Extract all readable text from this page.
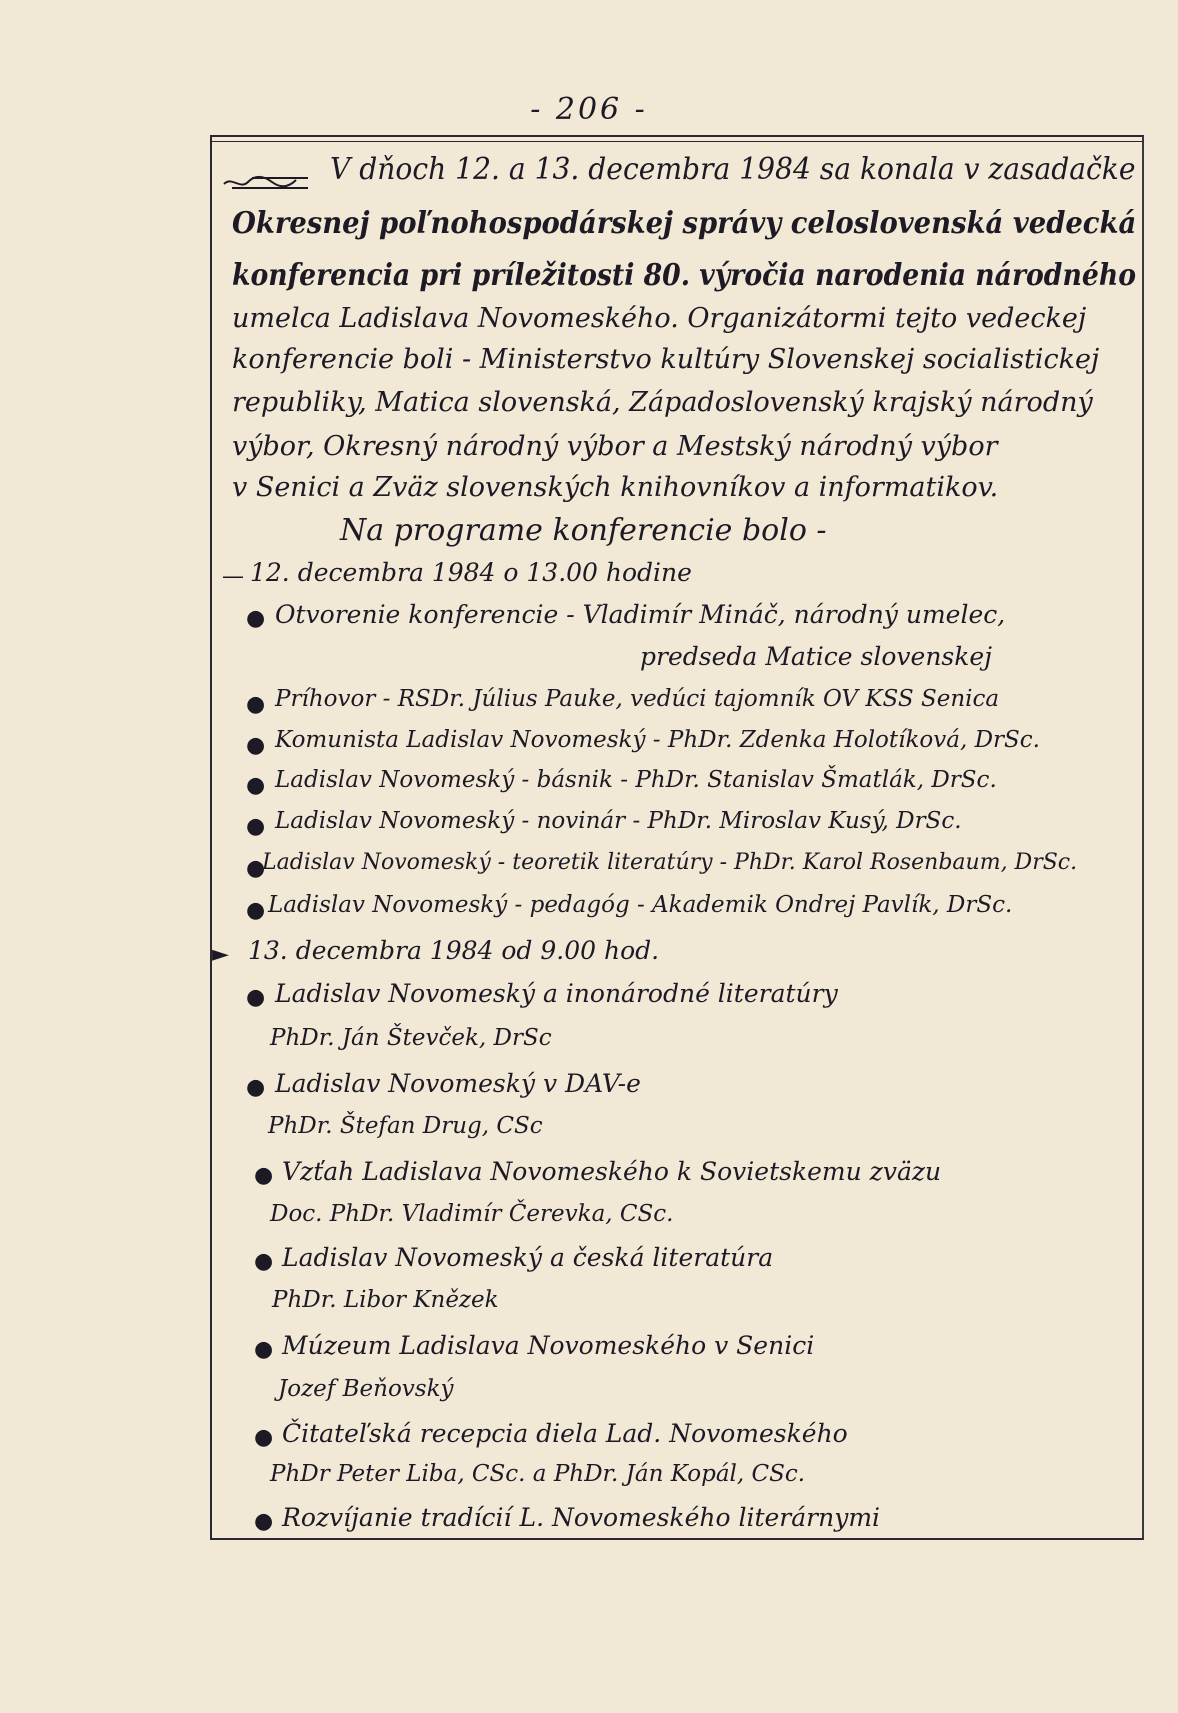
- 206 -
V dňoch 12. a 13. decembra 1984 sa konala v zasadačke
Okresnej poľnohospodárskej správy celoslovenská vedecká
konferencia pri príležitosti 80. výročia narodenia národného
umelca Ladislava Novomeského. Organizátormi tejto vedeckej
konferencie boli - Ministerstvo kultúry Slovenskej socialistickej
republiky, Matica slovenská, Západoslovenský krajský národný
výbor, Okresný národný výbor a Mestský národný výbor
v Senici a Zväz slovenských knihovníkov a informatikov.
Na programe konferencie bolo -
— 12. decembra 1984 o 13.00 hodine
● Otvorenie konferencie - Vladimír Mináč, národný umelec,
predseda Matice slovenskej
● Príhovor - RSDr. Július Pauke, vedúci tajomník OV KSS Senica
● Komunista Ladislav Novomeský - PhDr. Zdenka Holotíková, DrSc.
● Ladislav Novomeský - básnik - PhDr. Stanislav Šmatlák, DrSc.
● Ladislav Novomeský - novinár - PhDr. Miroslav Kusý, DrSc.
●
Ladislav Novomeský - teoretik literatúry - PhDr. Karol Rosenbaum, DrSc.
● Ladislav Novomeský - pedagóg - Akademik Ondrej Pavlík, DrSc.
► 13. decembra 1984 od 9.00 hod.
● Ladislav Novomeský a inonárodné literatúry
PhDr. Ján Števček, DrSc
● Ladislav Novomeský v DAV-e
PhDr. Štefan Drug, CSc
● Vzťah Ladislava Novomeského k Sovietskemu zväzu
Doc. PhDr. Vladimír Čerevka, CSc.
● Ladislav Novomeský a česká literatúra
PhDr. Libor Knězek
● Múzeum Ladislava Novomeského v Senici
Jozef Beňovský
● Čitateľská recepcia diela Lad. Novomeského
PhDr Peter Liba, CSc. a PhDr. Ján Kopál, CSc.
● Rozvíjanie tradícií L. Novomeského literárnymi
